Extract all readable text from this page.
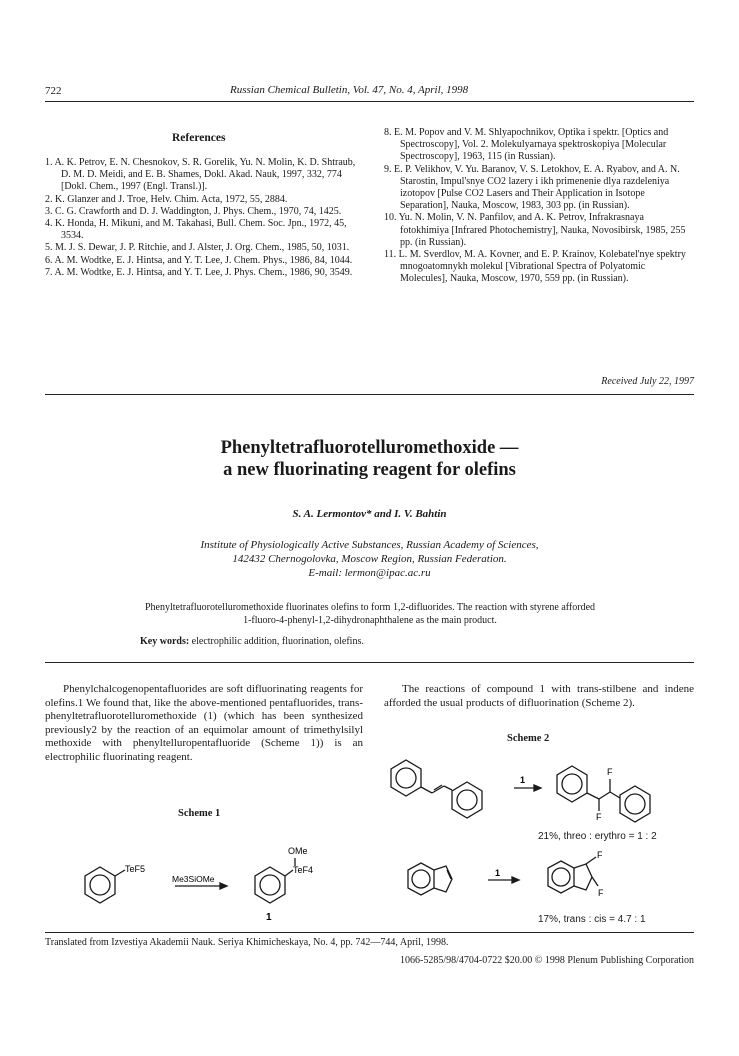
722	Russian Chemical Bulletin, Vol. 47, No. 4, April, 1998
References
1. A. K. Petrov, E. N. Chesnokov, S. R. Gorelik, Yu. N. Molin, K. D. Shtraub, D. M. D. Meidi, and E. B. Shames, Dokl. Akad. Nauk, 1997, 332, 774 [Dokl. Chem., 1997 (Engl. Transl.)].
2. K. Glanzer and J. Troe, Helv. Chim. Acta, 1972, 55, 2884.
3. C. G. Crawforth and D. J. Waddington, J. Phys. Chem., 1970, 74, 1425.
4. K. Honda, H. Mikuni, and M. Takahasi, Bull. Chem. Soc. Jpn., 1972, 45, 3534.
5. M. J. S. Dewar, J. P. Ritchie, and J. Alster, J. Org. Chem., 1985, 50, 1031.
6. A. M. Wodtke, E. J. Hintsa, and Y. T. Lee, J. Chem. Phys., 1986, 84, 1044.
7. A. M. Wodtke, E. J. Hintsa, and Y. T. Lee, J. Phys. Chem., 1986, 90, 3549.
8. E. M. Popov and V. M. Shlyapochnikov, Optika i spektr. [Optics and Spectroscopy], Vol. 2. Molekulyarnaya spektroskopiya [Molecular Spectroscopy], 1963, 115 (in Russian).
9. E. P. Velikhov, V. Yu. Baranov, V. S. Letokhov, E. A. Ryabov, and A. N. Starostin, Impul'snye CO2 lazery i ikh primenenie dlya razdeleniya izotopov [Pulse CO2 Lasers and Their Application in Isotope Separation], Nauka, Moscow, 1983, 303 pp. (in Russian).
10. Yu. N. Molin, V. N. Panfilov, and A. K. Petrov, Infrakrasnaya fotokhimiya [Infrared Photochemistry], Nauka, Novosibirsk, 1985, 255 pp. (in Russian).
11. L. M. Sverdlov, M. A. Kovner, and E. P. Krainov, Kolebatel'nye spektry mnogoatomnykh molekul [Vibrational Spectra of Polyatomic Molecules], Nauka, Moscow, 1970, 559 pp. (in Russian).
Received July 22, 1997
Phenyltetrafluorotelluromethoxide —
a new fluorinating reagent for olefins
S. A. Lermontov* and I. V. Bahtin
Institute of Physiologically Active Substances, Russian Academy of Sciences,
142432 Chernogolovka, Moscow Region, Russian Federation.
E-mail: lermon@ipac.ac.ru
Phenyltetrafluorotelluromethoxide fluorinates olefins to form 1,2-difluorides. The reaction with styrene afforded 1-fluoro-4-phenyl-1,2-dihydronaphthalene as the main product.
Key words: electrophilic addition, fluorination, olefins.
Phenylchalcogenopentafluorides are soft difluorinating reagents for olefins.1 We found that, like the above-mentioned pentafluorides, trans-phenyltetrafluorotelluromethoxide (1) (which has been synthesized previously2 by the reaction of an equimolar amount of trimethylsilyl methoxide with phenyltelluropentafluoride (Scheme 1)) is an electrophilic fluorinating reagent.
The reactions of compound 1 with trans-stilbene and indene afforded the usual products of difluorination (Scheme 2).
Scheme 1
TeF5
Me3SiOMe
OMe
TeF4
1
Scheme 2
1
F
F
21%, threo : erythro = 1 : 2
1
F
F
17%, trans : cis = 4.7 : 1
Translated from Izvestiya Akademii Nauk. Seriya Khimicheskaya, No. 4, pp. 742—744, April, 1998.
1066-5285/98/4704-0722 $20.00 © 1998 Plenum Publishing Corporation
